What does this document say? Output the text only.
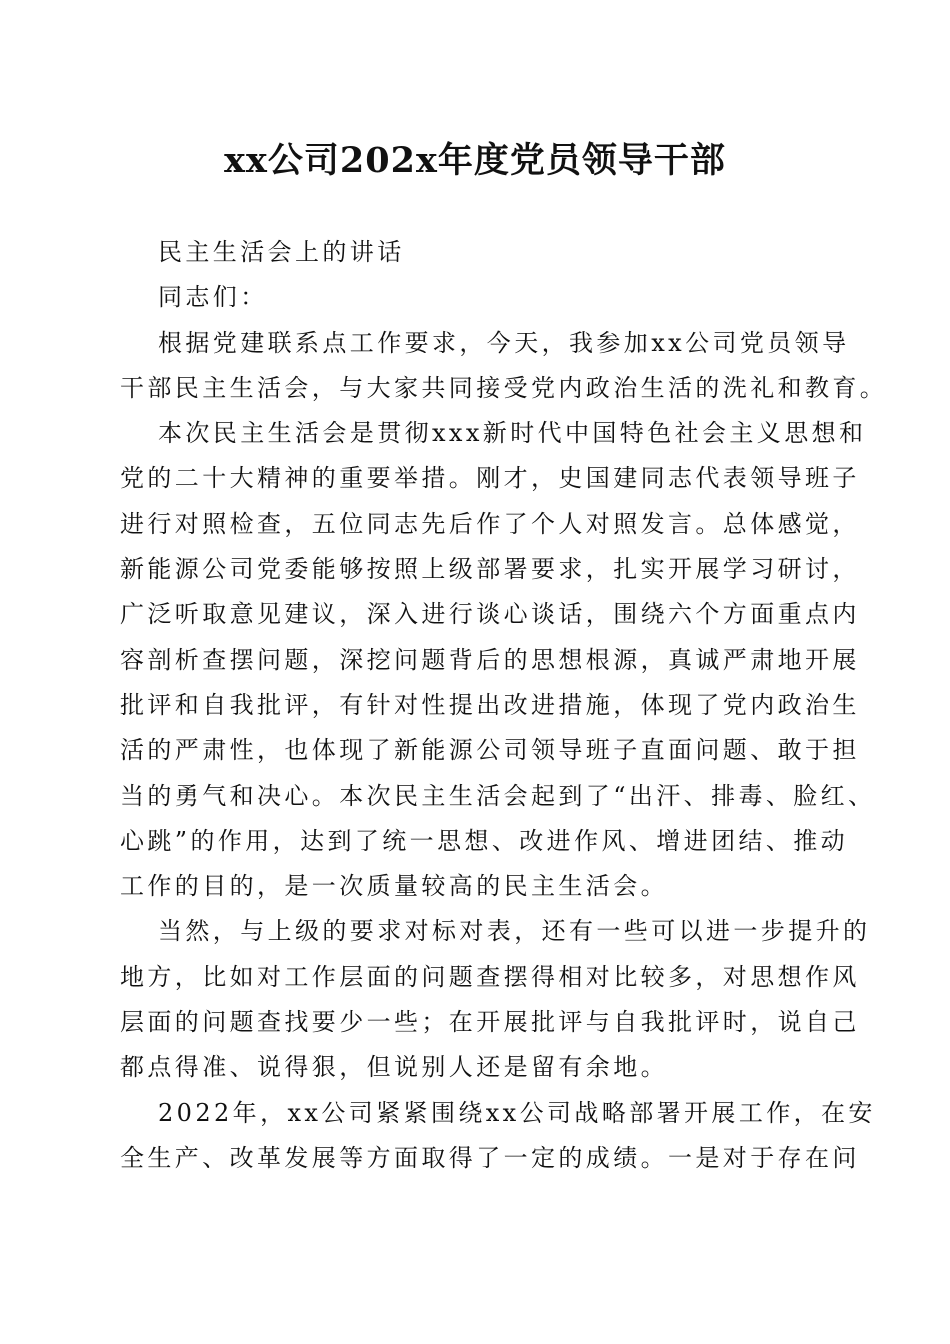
xx公司202x年度党员领导干部
民主生活会上的讲话
同志们：
根据党建联系点工作要求，今天，我参加xx公司党员领导
干部民主生活会，与大家共同接受党内政治生活的洗礼和教育。
本次民主生活会是贯彻xxx新时代中国特色社会主义思想和
党的二十大精神的重要举措。刚才，史国建同志代表领导班子
进行对照检查，五位同志先后作了个人对照发言。总体感觉，
新能源公司党委能够按照上级部署要求，扎实开展学习研讨，
广泛听取意见建议，深入进行谈心谈话，围绕六个方面重点内
容剖析查摆问题，深挖问题背后的思想根源，真诚严肃地开展
批评和自我批评，有针对性提出改进措施，体现了党内政治生
活的严肃性，也体现了新能源公司领导班子直面问题、敢于担
当的勇气和决心。本次民主生活会起到了“出汗、排毒、脸红、
心跳”的作用，达到了统一思想、改进作风、增进团结、推动
工作的目的，是一次质量较高的民主生活会。
当然，与上级的要求对标对表，还有一些可以进一步提升的
地方，比如对工作层面的问题查摆得相对比较多，对思想作风
层面的问题查找要少一些；在开展批评与自我批评时，说自己
都点得准、说得狠，但说别人还是留有余地。
2022年，xx公司紧紧围绕xx公司战略部署开展工作，在安
全生产、改革发展等方面取得了一定的成绩。一是对于存在问
